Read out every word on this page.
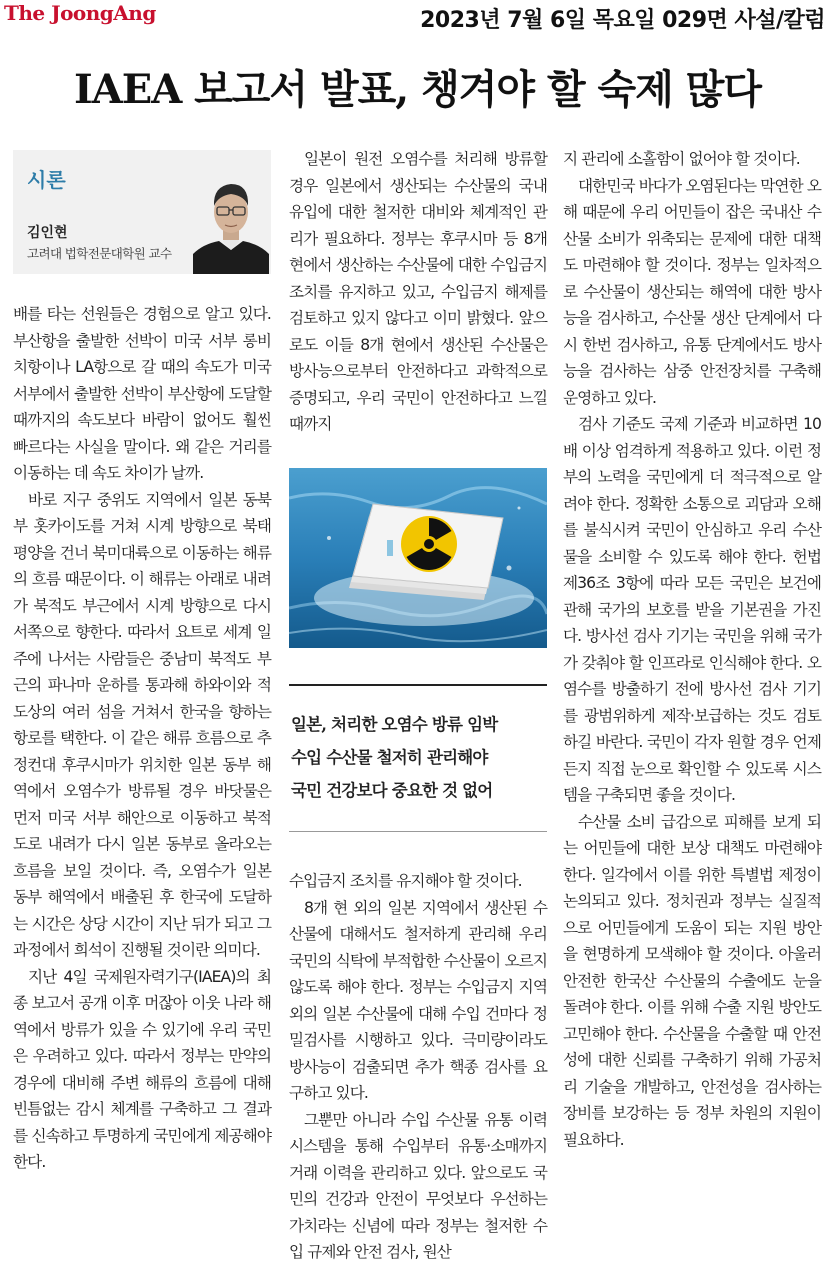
The JoongAng	2023년 7월 6일 목요일 029면 사설/칼럼
IAEA 보고서 발표, 챙겨야 할 숙제 많다
시론
김인현
고려대 법학전문대학원 교수

배를 타는 선원들은 경험으로 알고 있다. 부산항을 출발한 선박이 미국 서부 롱비치항이나 LA항으로 갈 때의 속도가 미국 서부에서 출발한 선박이 부산항에 도달할 때까지의 속도보다 바람이 없어도 훨씬 빠르다는 사실을 말이다. 왜 같은 거리를 이동하는 데 속도 차이가 날까.

바로 지구 중위도 지역에서 일본 동북부 홋카이도를 거쳐 시계 방향으로 북태평양을 건너 북미대륙으로 이동하는 해류의 흐름 때문이다. 이 해류는 아래로 내려가 북적도 부근에서 시계 방향으로 다시 서쪽으로 향한다. 따라서 요트로 세계 일주에 나서는 사람들은 중남미 북적도 부근의 파나마 운하를 통과해 하와이와 적도상의 여러 섬을 거쳐서 한국을 향하는 항로를 택한다. 이 같은 해류 흐름으로 추정컨대 후쿠시마가 위치한 일본 동부 해역에서 오염수가 방류될 경우 바닷물은 먼저 미국 서부 해안으로 이동하고 북적도로 내려가 다시 일본 동부로 올라오는 흐름을 보일 것이다. 즉, 오염수가 일본 동부 해역에서 배출된 후 한국에 도달하는 시간은 상당 시간이 지난 뒤가 되고 그 과정에서 희석이 진행될 것이란 의미다.

지난 4일 국제원자력기구(IAEA)의 최종 보고서 공개 이후 머잖아 이웃 나라 해역에서 방류가 있을 수 있기에 우리 국민은 우려하고 있다. 따라서 정부는 만약의 경우에 대비해 주변 해류의 흐름에 대해 빈틈없는 감시 체계를 구축하고 그 결과를 신속하고 투명하게 국민에게 제공해야 한다.

일본이 원전 오염수를 처리해 방류할 경우 일본에서 생산되는 수산물의 국내 유입에 대한 철저한 대비와 체계적인 관리가 필요하다. 정부는 후쿠시마 등 8개 현에서 생산하는 수산물에 대한 수입금지 조치를 유지하고 있고, 수입금지 해제를 검토하고 있지 않다고 이미 밝혔다. 앞으로도 이들 8개 현에서 생산된 수산물은 방사능으로부터 안전하다고 과학적으로 증명되고, 우리 국민이 안전하다고 느낄 때까지

일본, 처리한 오염수 방류 임박
수입 수산물 철저히 관리해야
국민 건강보다 중요한 것 없어

수입금지 조치를 유지해야 할 것이다.

8개 현 외의 일본 지역에서 생산된 수산물에 대해서도 철저하게 관리해 우리 국민의 식탁에 부적합한 수산물이 오르지 않도록 해야 한다. 정부는 수입금지 지역 외의 일본 수산물에 대해 수입 건마다 정밀검사를 시행하고 있다. 극미량이라도 방사능이 검출되면 추가 핵종 검사를 요구하고 있다.

그뿐만 아니라 수입 수산물 유통 이력 시스템을 통해 수입부터 유통·소매까지 거래 이력을 관리하고 있다. 앞으로도 국민의 건강과 안전이 무엇보다 우선하는 가치라는 신념에 따라 정부는 철저한 수입 규제와 안전 검사, 원산

지 관리에 소홀함이 없어야 할 것이다.

대한민국 바다가 오염된다는 막연한 오해 때문에 우리 어민들이 잡은 국내산 수산물 소비가 위축되는 문제에 대한 대책도 마련해야 할 것이다. 정부는 일차적으로 수산물이 생산되는 해역에 대한 방사능을 검사하고, 수산물 생산 단계에서 다시 한번 검사하고, 유통 단계에서도 방사능을 검사하는 삼중 안전장치를 구축해 운영하고 있다.

검사 기준도 국제 기준과 비교하면 10배 이상 엄격하게 적용하고 있다. 이런 정부의 노력을 국민에게 더 적극적으로 알려야 한다. 정확한 소통으로 괴담과 오해를 불식시켜 국민이 안심하고 우리 수산물을 소비할 수 있도록 해야 한다. 헌법 제36조 3항에 따라 모든 국민은 보건에 관해 국가의 보호를 받을 기본권을 가진다. 방사선 검사 기기는 국민을 위해 국가가 갖춰야 할 인프라로 인식해야 한다. 오염수를 방출하기 전에 방사선 검사 기기를 광범위하게 제작·보급하는 것도 검토하길 바란다. 국민이 각자 원할 경우 언제든지 직접 눈으로 확인할 수 있도록 시스템을 구축되면 좋을 것이다.

수산물 소비 급감으로 피해를 보게 되는 어민들에 대한 보상 대책도 마련해야 한다. 일각에서 이를 위한 특별법 제정이 논의되고 있다. 정치권과 정부는 실질적으로 어민들에게 도움이 되는 지원 방안을 현명하게 모색해야 할 것이다. 아울러 안전한 한국산 수산물의 수출에도 눈을 돌려야 한다. 이를 위해 수출 지원 방안도 고민해야 한다. 수산물을 수출할 때 안전성에 대한 신뢰를 구축하기 위해 가공처리 기술을 개발하고, 안전성을 검사하는 장비를 보강하는 등 정부 차원의 지원이 필요하다.
